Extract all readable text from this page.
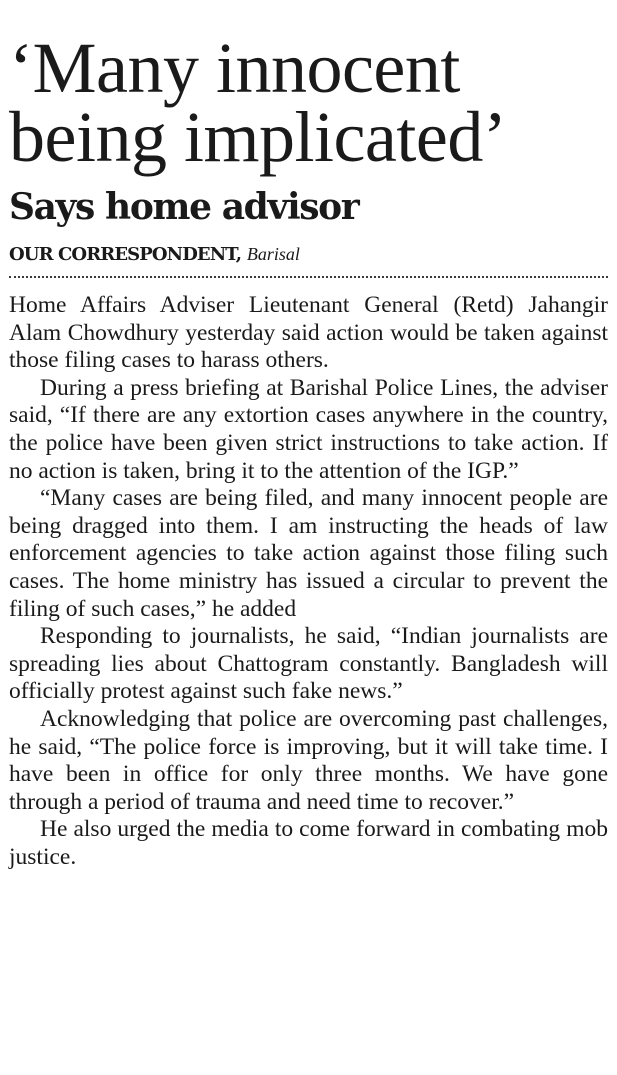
‘Many innocent
being implicated’
Says home advisor
OUR CORRESPONDENT, Barisal

Home Affairs Adviser Lieutenant General (Retd) Jahangir Alam Chowdhury yesterday said action would be taken against those filing cases to harass others.

During a press briefing at Barishal Police Lines, the adviser said, “If there are any extortion cases anywhere in the country, the police have been given strict instructions to take action. If no action is taken, bring it to the attention of the IGP.”

“Many cases are being filed, and many innocent people are being dragged into them. I am instructing the heads of law enforcement agencies to take action against those filing such cases. The home ministry has issued a circular to prevent the filing of such cases,” he added

Responding to journalists, he said, “Indian journalists are spreading lies about Chattogram constantly. Bangladesh will officially protest against such fake news.”

Acknowledging that police are overcoming past challenges, he said, “The police force is improving, but it will take time. I have been in office for only three months. We have gone through a period of trauma and need time to recover.”

He also urged the media to come forward in combating mob justice.
